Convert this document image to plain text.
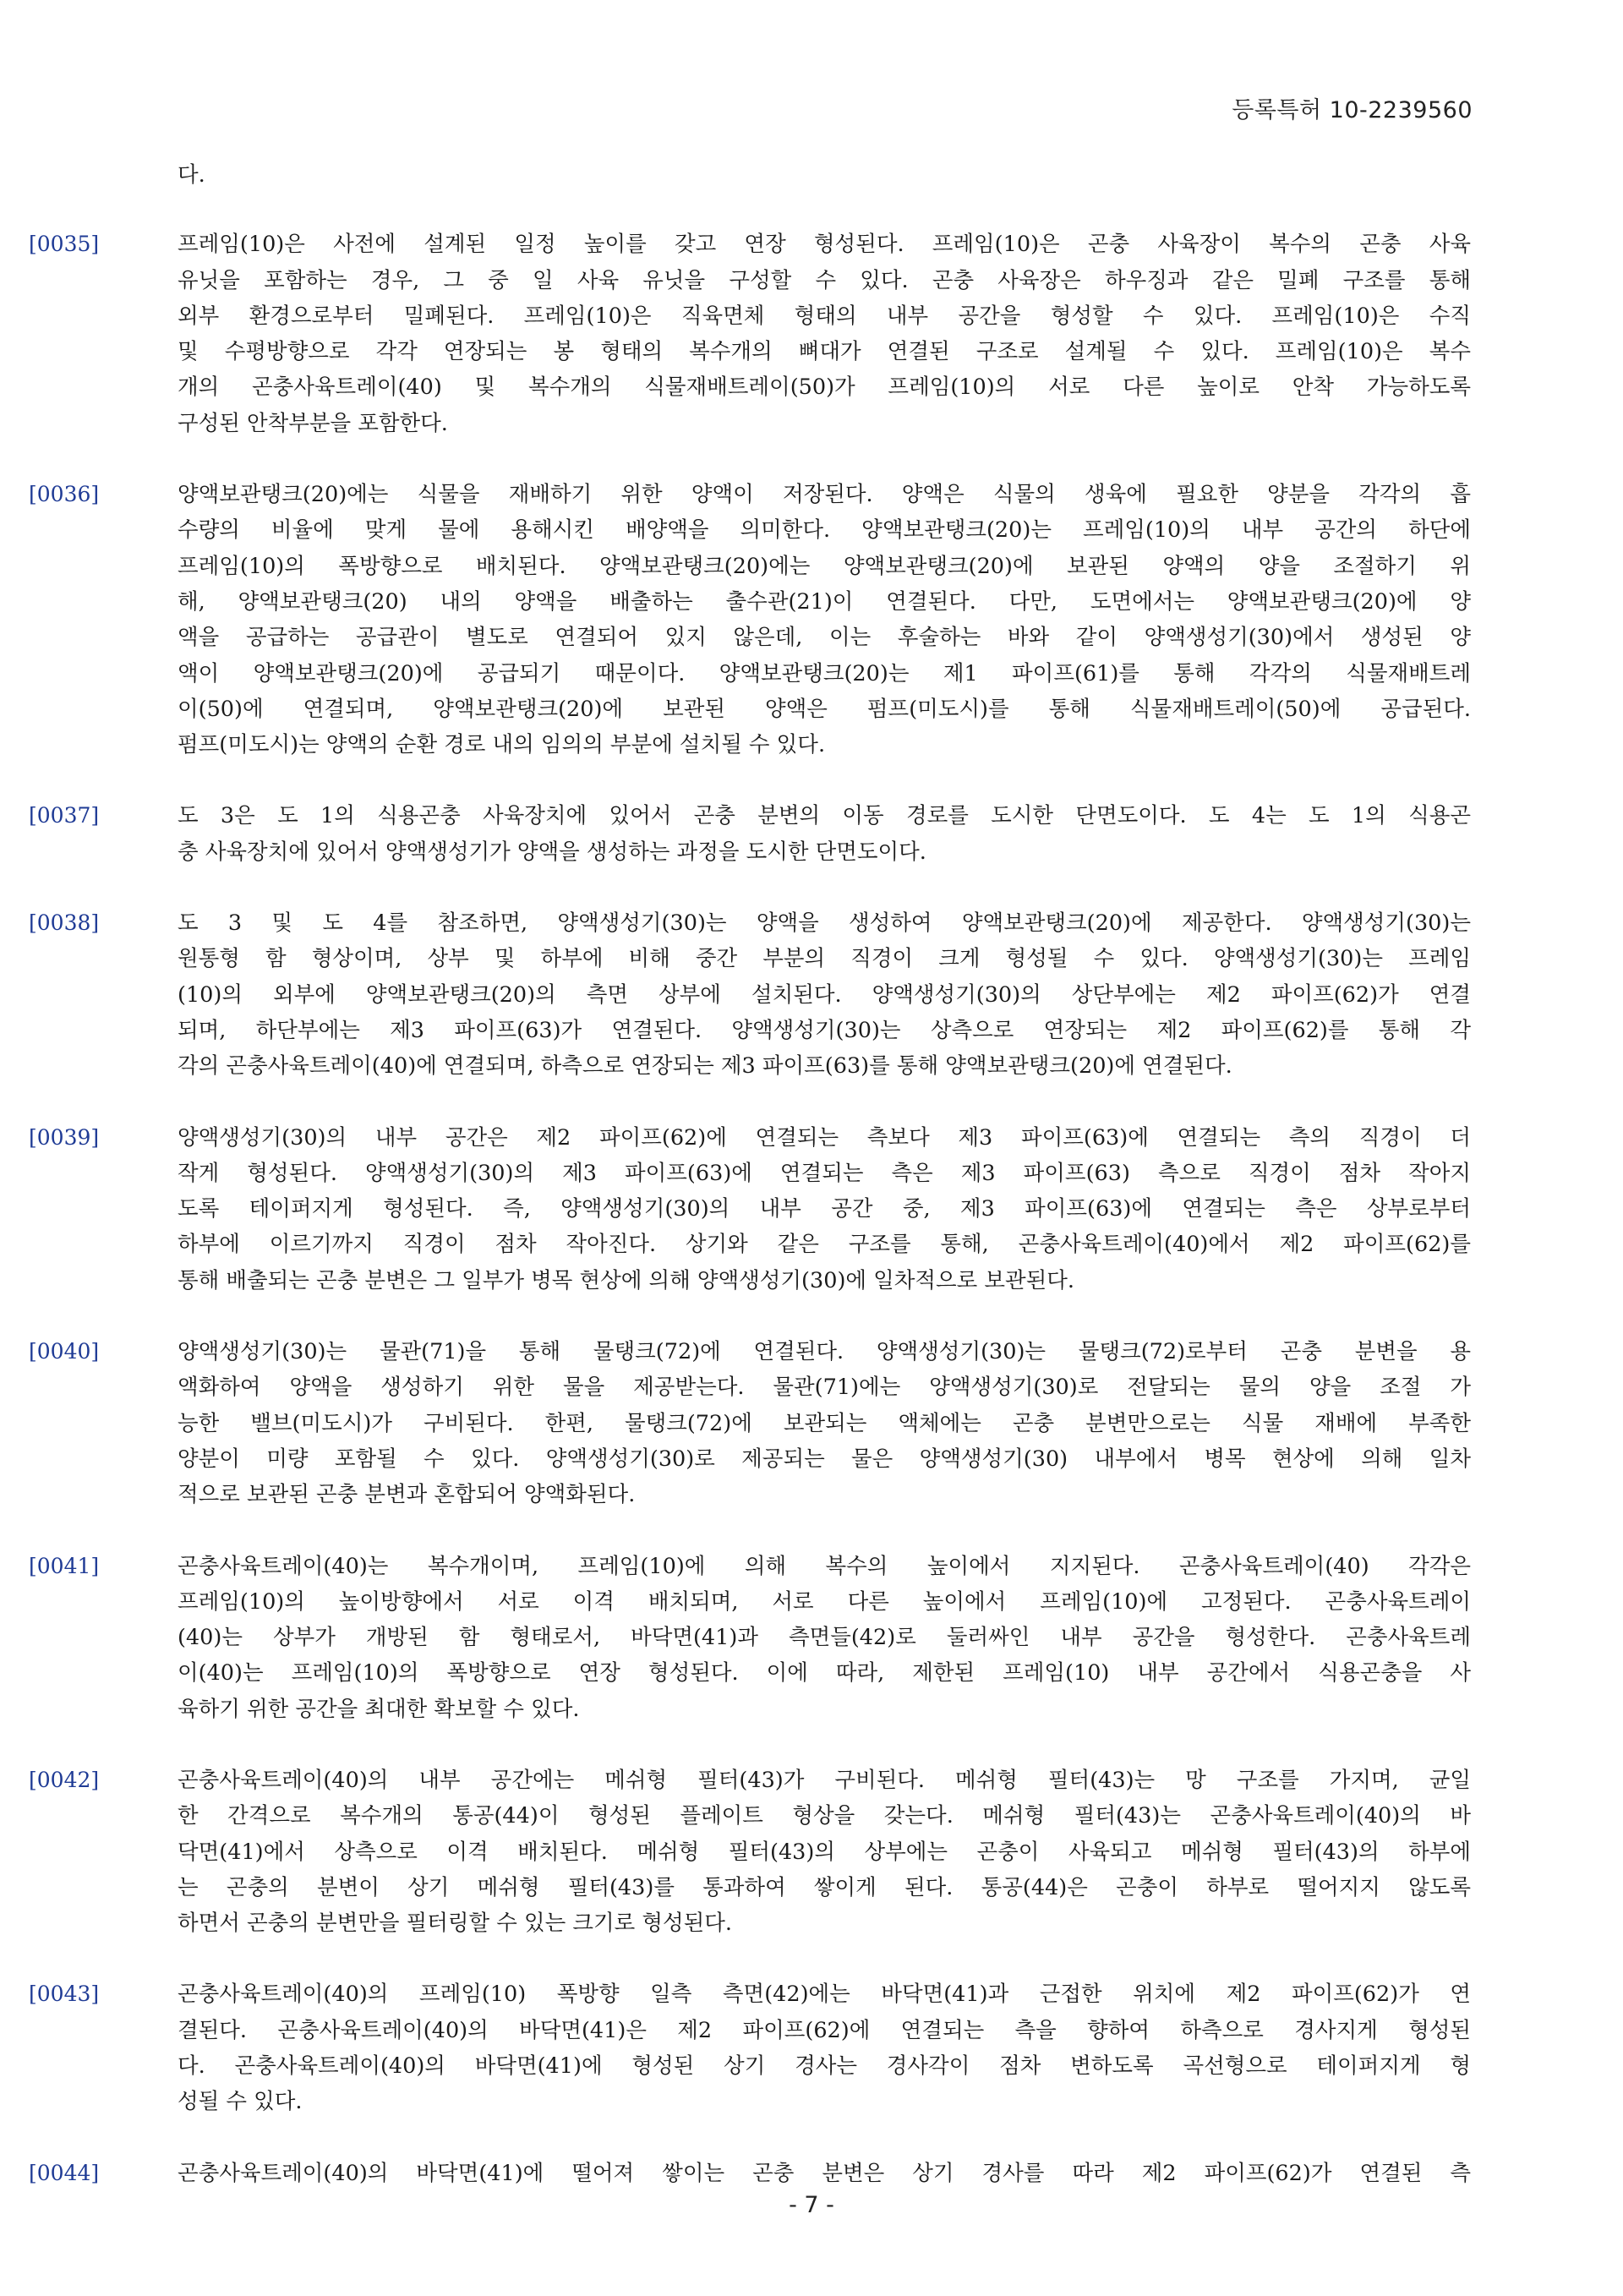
등록특허 10-2239560
다.
[0035]	프레임(10)은 사전에 설계된 일정 높이를 갖고 연장 형성된다. 프레임(10)은 곤충 사육장이 복수의 곤충 사육
유닛을 포함하는 경우, 그 중 일 사육 유닛을 구성할 수 있다. 곤충 사육장은 하우징과 같은 밀폐 구조를 통해
외부 환경으로부터 밀폐된다. 프레임(10)은 직육면체 형태의 내부 공간을 형성할 수 있다. 프레임(10)은 수직
및 수평방향으로 각각 연장되는 봉 형태의 복수개의 뼈대가 연결된 구조로 설계될 수 있다. 프레임(10)은 복수
개의 곤충사육트레이(40) 및 복수개의 식물재배트레이(50)가 프레임(10)의 서로 다른 높이로 안착 가능하도록
구성된 안착부분을 포함한다.
[0036]	양액보관탱크(20)에는 식물을 재배하기 위한 양액이 저장된다. 양액은 식물의 생육에 필요한 양분을 각각의 흡
수량의 비율에 맞게 물에 용해시킨 배양액을 의미한다. 양액보관탱크(20)는 프레임(10)의 내부 공간의 하단에
프레임(10)의 폭방향으로 배치된다. 양액보관탱크(20)에는 양액보관탱크(20)에 보관된 양액의 양을 조절하기 위
해, 양액보관탱크(20) 내의 양액을 배출하는 출수관(21)이 연결된다. 다만, 도면에서는 양액보관탱크(20)에 양
액을 공급하는 공급관이 별도로 연결되어 있지 않은데, 이는 후술하는 바와 같이 양액생성기(30)에서 생성된 양
액이 양액보관탱크(20)에 공급되기 때문이다. 양액보관탱크(20)는 제1 파이프(61)를 통해 각각의 식물재배트레
이(50)에 연결되며, 양액보관탱크(20)에 보관된 양액은 펌프(미도시)를 통해 식물재배트레이(50)에 공급된다.
펌프(미도시)는 양액의 순환 경로 내의 임의의 부분에 설치될 수 있다.
[0037]	도 3은 도 1의 식용곤충 사육장치에 있어서 곤충 분변의 이동 경로를 도시한 단면도이다. 도 4는 도 1의 식용곤
충 사육장치에 있어서 양액생성기가 양액을 생성하는 과정을 도시한 단면도이다.
[0038]	도 3 및 도 4를 참조하면, 양액생성기(30)는 양액을 생성하여 양액보관탱크(20)에 제공한다. 양액생성기(30)는
원통형 함 형상이며, 상부 및 하부에 비해 중간 부분의 직경이 크게 형성될 수 있다. 양액생성기(30)는 프레임
(10)의 외부에 양액보관탱크(20)의 측면 상부에 설치된다. 양액생성기(30)의 상단부에는 제2 파이프(62)가 연결
되며, 하단부에는 제3 파이프(63)가 연결된다. 양액생성기(30)는 상측으로 연장되는 제2 파이프(62)를 통해 각
각의 곤충사육트레이(40)에 연결되며, 하측으로 연장되는 제3 파이프(63)를 통해 양액보관탱크(20)에 연결된다.
[0039]	양액생성기(30)의 내부 공간은 제2 파이프(62)에 연결되는 측보다 제3 파이프(63)에 연결되는 측의 직경이 더
작게 형성된다. 양액생성기(30)의 제3 파이프(63)에 연결되는 측은 제3 파이프(63) 측으로 직경이 점차 작아지
도록 테이퍼지게 형성된다. 즉, 양액생성기(30)의 내부 공간 중, 제3 파이프(63)에 연결되는 측은 상부로부터
하부에 이르기까지 직경이 점차 작아진다. 상기와 같은 구조를 통해, 곤충사육트레이(40)에서 제2 파이프(62)를
통해 배출되는 곤충 분변은 그 일부가 병목 현상에 의해 양액생성기(30)에 일차적으로 보관된다.
[0040]	양액생성기(30)는 물관(71)을 통해 물탱크(72)에 연결된다. 양액생성기(30)는 물탱크(72)로부터 곤충 분변을 용
액화하여 양액을 생성하기 위한 물을 제공받는다. 물관(71)에는 양액생성기(30)로 전달되는 물의 양을 조절 가
능한 밸브(미도시)가 구비된다. 한편, 물탱크(72)에 보관되는 액체에는 곤충 분변만으로는 식물 재배에 부족한
양분이 미량 포함될 수 있다. 양액생성기(30)로 제공되는 물은 양액생성기(30) 내부에서 병목 현상에 의해 일차
적으로 보관된 곤충 분변과 혼합되어 양액화된다.
[0041]	곤충사육트레이(40)는 복수개이며, 프레임(10)에 의해 복수의 높이에서 지지된다. 곤충사육트레이(40) 각각은
프레임(10)의 높이방향에서 서로 이격 배치되며, 서로 다른 높이에서 프레임(10)에 고정된다. 곤충사육트레이
(40)는 상부가 개방된 함 형태로서, 바닥면(41)과 측면들(42)로 둘러싸인 내부 공간을 형성한다. 곤충사육트레
이(40)는 프레임(10)의 폭방향으로 연장 형성된다. 이에 따라, 제한된 프레임(10) 내부 공간에서 식용곤충을 사
육하기 위한 공간을 최대한 확보할 수 있다.
[0042]	곤충사육트레이(40)의 내부 공간에는 메쉬형 필터(43)가 구비된다. 메쉬형 필터(43)는 망 구조를 가지며, 균일
한 간격으로 복수개의 통공(44)이 형성된 플레이트 형상을 갖는다. 메쉬형 필터(43)는 곤충사육트레이(40)의 바
닥면(41)에서 상측으로 이격 배치된다. 메쉬형 필터(43)의 상부에는 곤충이 사육되고 메쉬형 필터(43)의 하부에
는 곤충의 분변이 상기 메쉬형 필터(43)를 통과하여 쌓이게 된다. 통공(44)은 곤충이 하부로 떨어지지 않도록
하면서 곤충의 분변만을 필터링할 수 있는 크기로 형성된다.
[0043]	곤충사육트레이(40)의 프레임(10) 폭방향 일측 측면(42)에는 바닥면(41)과 근접한 위치에 제2 파이프(62)가 연
결된다. 곤충사육트레이(40)의 바닥면(41)은 제2 파이프(62)에 연결되는 측을 향하여 하측으로 경사지게 형성된
다. 곤충사육트레이(40)의 바닥면(41)에 형성된 상기 경사는 경사각이 점차 변하도록 곡선형으로 테이퍼지게 형
성될 수 있다.
[0044]	곤충사육트레이(40)의 바닥면(41)에 떨어져 쌓이는 곤충 분변은 상기 경사를 따라 제2 파이프(62)가 연결된 측
- 7 -
